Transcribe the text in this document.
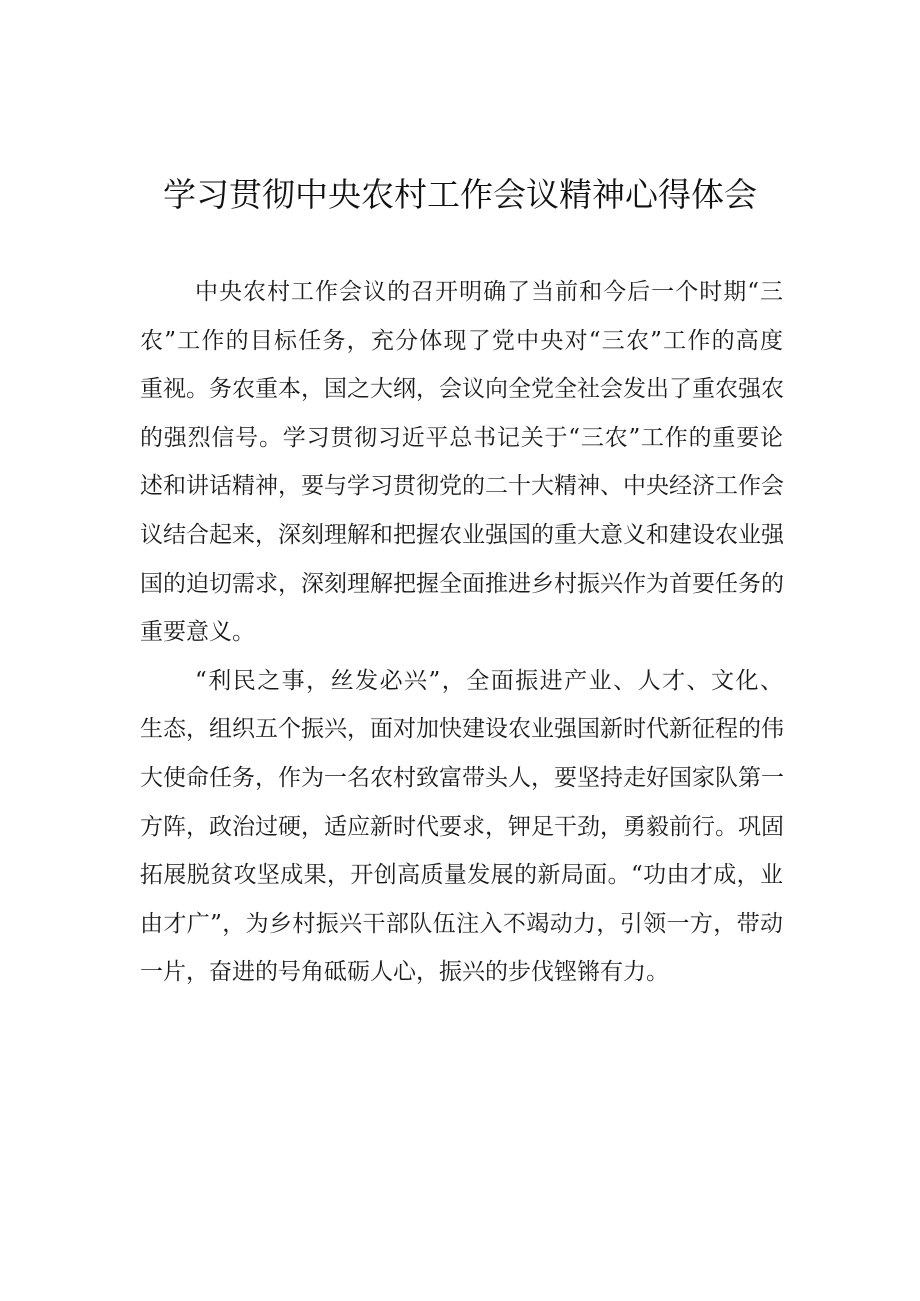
学习贯彻中央农村工作会议精神心得体会
中央农村工作会议的召开明确了当前和今后一个时期“三
农”工作的目标任务，充分体现了党中央对“三农”工作的高度
重视。务农重本，国之大纲，会议向全党全社会发出了重农强农
的强烈信号。学习贯彻习近平总书记关于“三农”工作的重要论
述和讲话精神，要与学习贯彻党的二十大精神、中央经济工作会
议结合起来，深刻理解和把握农业强国的重大意义和建设农业强
国的迫切需求，深刻理解把握全面推进乡村振兴作为首要任务的
重要意义。
“利民之事，丝发必兴”，全面振进产业、人才、文化、
生态，组织五个振兴，面对加快建设农业强国新时代新征程的伟
大使命任务，作为一名农村致富带头人，要坚持走好国家队第一
方阵，政治过硬，适应新时代要求，钾足干劲，勇毅前行。巩固
拓展脱贫攻坚成果，开创高质量发展的新局面。“功由才成，业
由才广”，为乡村振兴干部队伍注入不竭动力，引领一方，带动
一片，奋进的号角砥砺人心，振兴的步伐铿锵有力。
